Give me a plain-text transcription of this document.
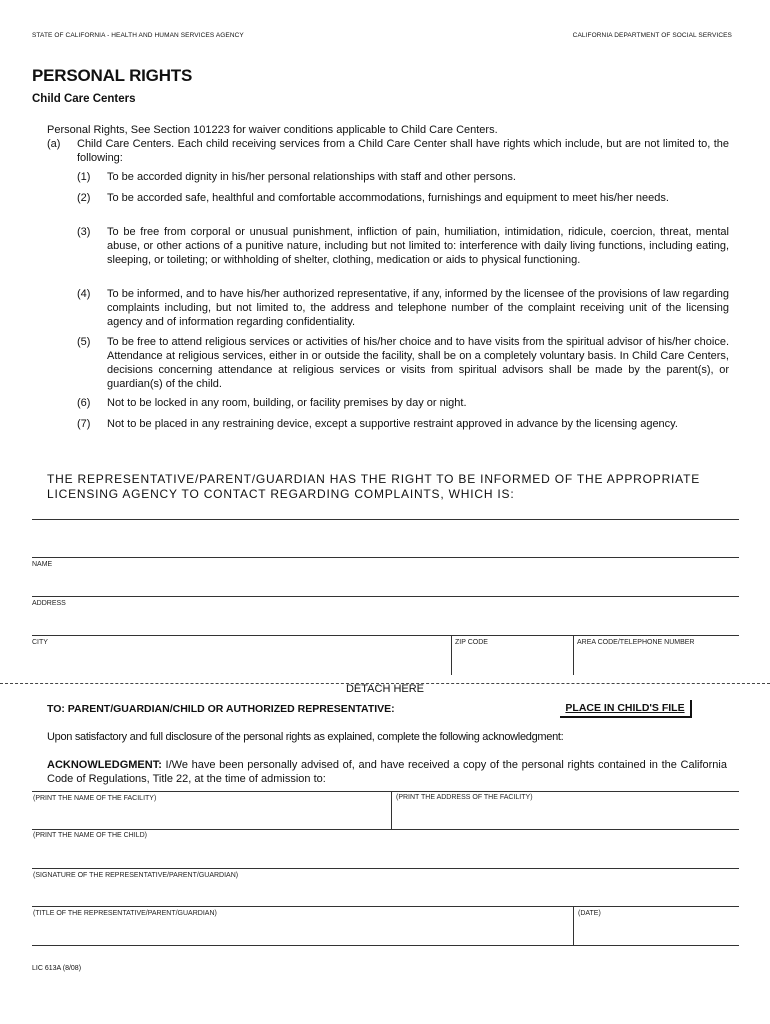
STATE OF CALIFORNIA - HEALTH AND HUMAN SERVICES AGENCY	CALIFORNIA DEPARTMENT OF SOCIAL SERVICES
PERSONAL RIGHTS
Child Care Centers
Personal Rights, See Section 101223 for waiver conditions applicable to Child Care Centers.
(a) Child Care Centers. Each child receiving services from a Child Care Center shall have rights which include, but are not limited to, the following:
(1) To be accorded dignity in his/her personal relationships with staff and other persons.
(2) To be accorded safe, healthful and comfortable accommodations, furnishings and equipment to meet his/her needs.
(3) To be free from corporal or unusual punishment, infliction of pain, humiliation, intimidation, ridicule, coercion, threat, mental abuse, or other actions of a punitive nature, including but not limited to: interference with daily living functions, including eating, sleeping, or toileting; or withholding of shelter, clothing, medication or aids to physical functioning.
(4) To be informed, and to have his/her authorized representative, if any, informed by the licensee of the provisions of law regarding complaints including, but not limited to, the address and telephone number of the complaint receiving unit of the licensing agency and of information regarding confidentiality.
(5) To be free to attend religious services or activities of his/her choice and to have visits from the spiritual advisor of his/her choice. Attendance at religious services, either in or outside the facility, shall be on a completely voluntary basis. In Child Care Centers, decisions concerning attendance at religious services or visits from spiritual advisors shall be made by the parent(s), or guardian(s) of the child.
(6) Not to be locked in any room, building, or facility premises by day or night.
(7) Not to be placed in any restraining device, except a supportive restraint approved in advance by the licensing agency.
THE REPRESENTATIVE/PARENT/GUARDIAN HAS THE RIGHT TO BE INFORMED OF THE APPROPRIATE LICENSING AGENCY TO CONTACT REGARDING COMPLAINTS, WHICH IS:
NAME
ADDRESS
CITY	ZIP CODE	AREA CODE/TELEPHONE NUMBER
DETACH HERE
TO: PARENT/GUARDIAN/CHILD OR AUTHORIZED REPRESENTATIVE:	PLACE IN CHILD'S FILE
Upon satisfactory and full disclosure of the personal rights as explained, complete the following acknowledgment:
ACKNOWLEDGMENT: I/We have been personally advised of, and have received a copy of the personal rights contained in the California Code of Regulations, Title 22, at the time of admission to:
(PRINT THE NAME OF THE FACILITY)	(PRINT THE ADDRESS OF THE FACILITY)
(PRINT THE NAME OF THE CHILD)
(SIGNATURE OF THE REPRESENTATIVE/PARENT/GUARDIAN)
(TITLE OF THE REPRESENTATIVE/PARENT/GUARDIAN)	(DATE)
LIC 613A (8/08)
